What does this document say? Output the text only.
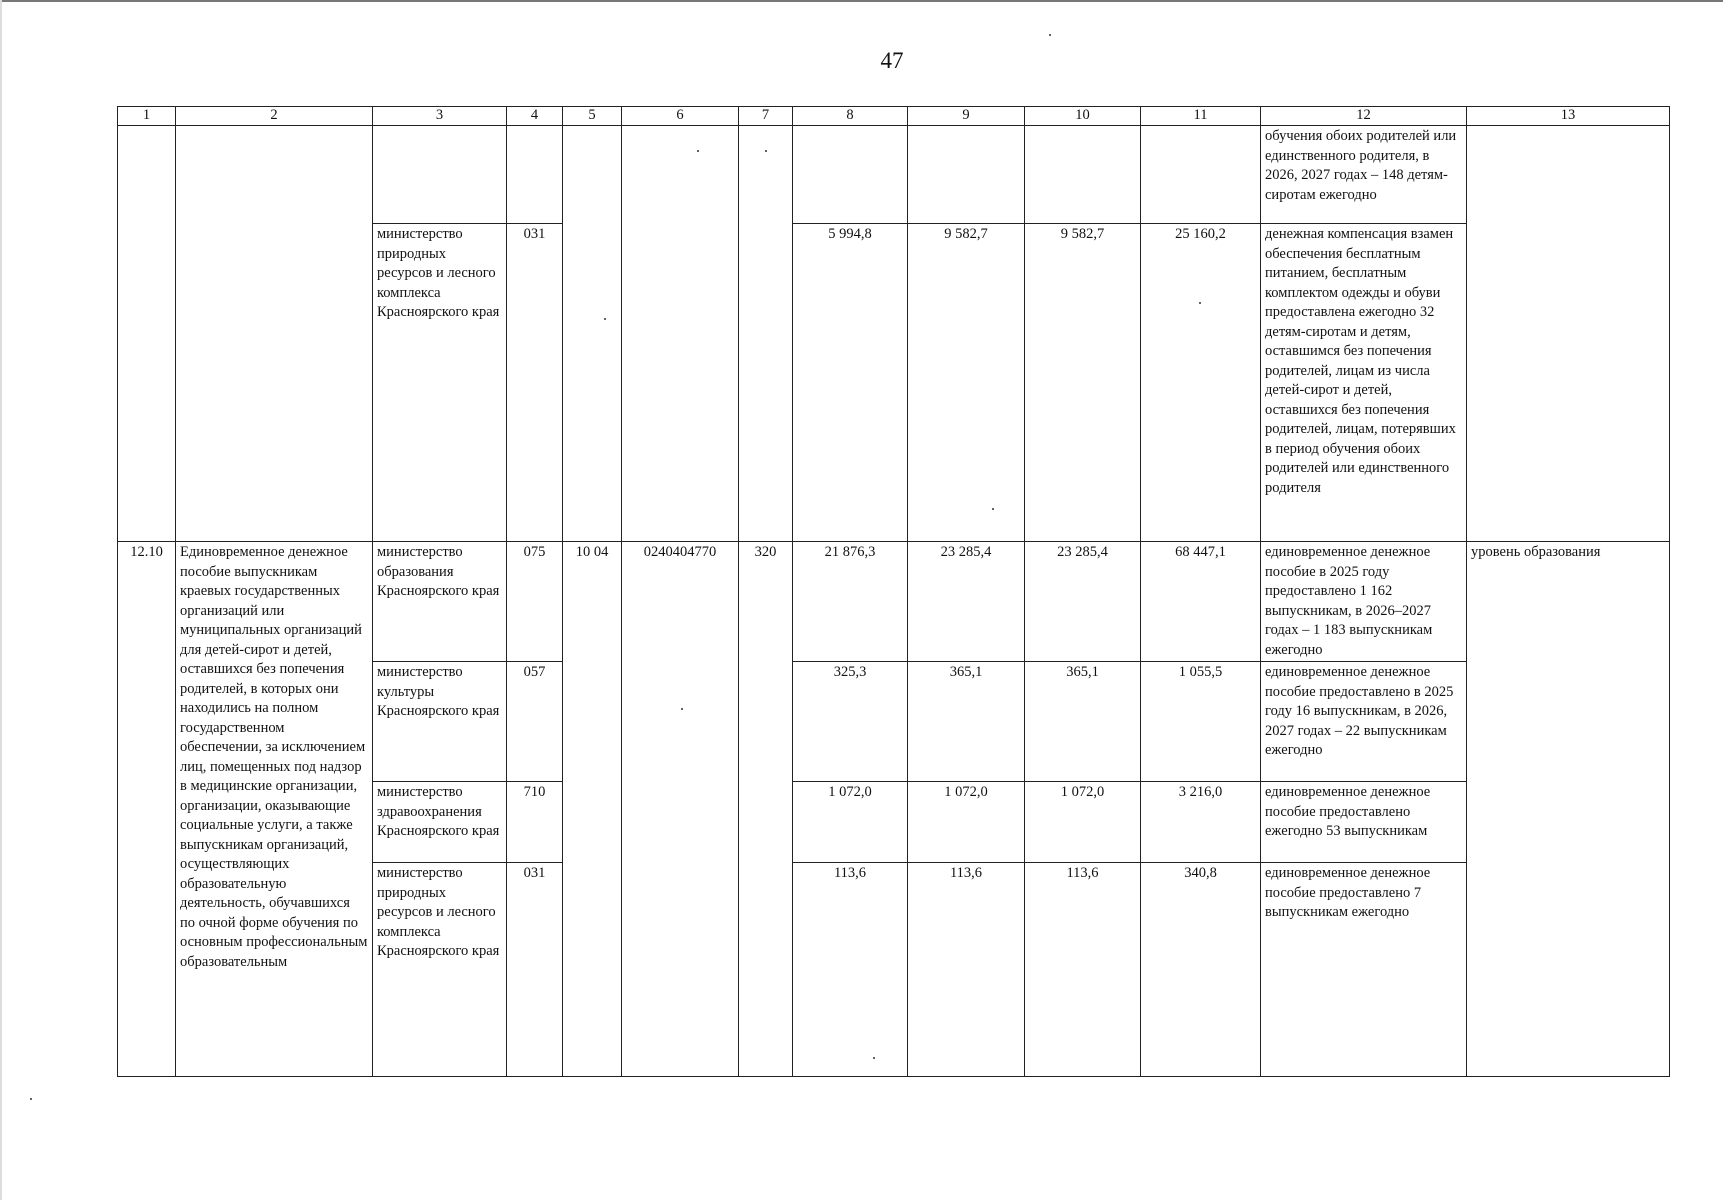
47
1	2	3	4	5	6	7	8	9	10	11	12	13
											обучения обоих родителей или единственного родителя, в 2026, 2027 годах – 148 детям-сиротам ежегодно	
		министерство природных ресурсов и лесного комплекса Красноярского края	031				5 994,8	9 582,7	9 582,7	25 160,2	денежная компенсация взамен обеспечения бесплатным питанием, бесплатным комплектом одежды и обуви предоставлена ежегодно 32 детям-сиротам и детям, оставшимся без попечения родителей, лицам из числа детей-сирот и детей, оставшихся без попечения родителей, лицам, потерявших в период обучения обоих родителей или единственного родителя	
12.10	Единовременное денежное пособие выпускникам краевых государственных организаций или муниципальных организаций для детей-сирот и детей, оставшихся без попечения родителей, в которых они находились на полном государственном обеспечении, за исключением лиц, помещенных под надзор в медицинские организации, организации, оказывающие социальные услуги, а также выпускникам организаций, осуществляющих образовательную деятельность, обучавшихся по очной форме обучения по основным профессиональным образовательным	министерство образования Красноярского края	075	10 04	0240404770	320	21 876,3	23 285,4	23 285,4	68 447,1	единовременное денежное пособие в 2025 году предоставлено 1 162 выпускникам, в 2026–2027 годах – 1 183 выпускникам ежегодно	уровень образования
		министерство культуры Красноярского края	057				325,3	365,1	365,1	1 055,5	единовременное денежное пособие предоставлено в 2025 году 16 выпускникам, в 2026, 2027 годах – 22 выпускникам ежегодно	
		министерство здравоохранения Красноярского края	710				1 072,0	1 072,0	1 072,0	3 216,0	единовременное денежное пособие предоставлено ежегодно 53 выпускникам	
		министерство природных ресурсов и лесного комплекса Красноярского края	031				113,6	113,6	113,6	340,8	единовременное денежное пособие предоставлено 7 выпускникам ежегодно	
